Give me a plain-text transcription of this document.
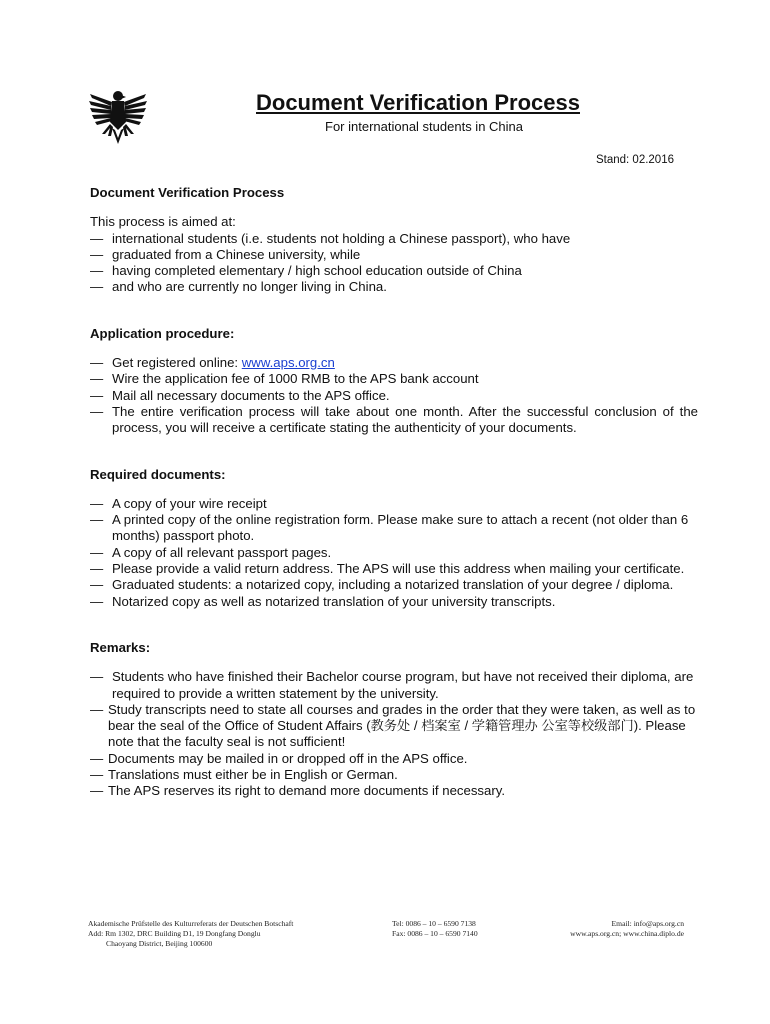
Document Verification Process
For international students in China
Stand: 02.2016

Document Verification Process

This process is aimed at:
— international students (i.e. students not holding a Chinese passport), who have
— graduated from a Chinese university, while
— having completed elementary / high school education outside of China
— and who are currently no longer living in China.

Application procedure:

— Get registered online: www.aps.org.cn
— Wire the application fee of 1000 RMB to the APS bank account
— Mail all necessary documents to the APS office.
— The entire verification process will take about one month. After the successful conclusion of the process, you will receive a certificate stating the authenticity of your documents.

Required documents:

— A copy of your wire receipt
— A printed copy of the online registration form. Please make sure to attach a recent (not older than 6 months) passport photo.
— A copy of all relevant passport pages.
— Please provide a valid return address. The APS will use this address when mailing your certificate.
— Graduated students: a notarized copy, including a notarized translation of your degree / diploma.
— Notarized copy as well as notarized translation of your university transcripts.

Remarks:

— Students who have finished their Bachelor course program, but have not received their diploma, are required to provide a written statement by the university.
— Study transcripts need to state all courses and grades in the order that they were taken, as well as to bear the seal of the Office of Student Affairs (教务处 / 档案室 / 学籍管理办 公室等校级部门). Please note that the faculty seal is not sufficient!
— Documents may be mailed in or dropped off in the APS office.
— Translations must either be in English or German.
— The APS reserves its right to demand more documents if necessary.
Akademische Prüfstelle des Kulturreferats der Deutschen Botschaft
Add: Rm 1302, DRC Building D1, 19 Dongfang Donglu
Chaoyang District, Beijing 100600
Tel: 0086 – 10 – 6590 7138
Fax: 0086 – 10 – 6590 7140
Email: info@aps.org.cn
www.aps.org.cn; www.china.diplo.de
